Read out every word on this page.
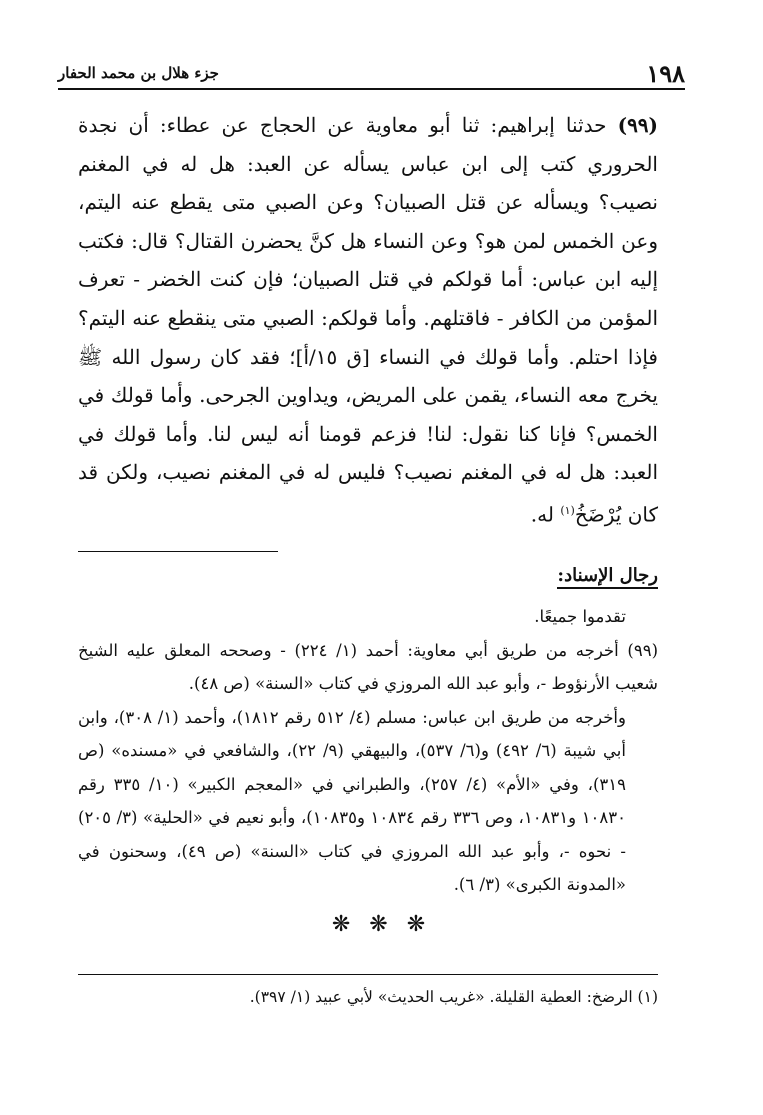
١٩٨
جزء هلال بن محمد الحفار

(٩٩) حدثنا إبراهيم: ثنا أبو معاوية عن الحجاج عن عطاء: أن نجدة الحروري كتب إلى ابن عباس يسأله عن العبد: هل له في المغنم نصيب؟ ويسأله عن قتل الصبيان؟ وعن الصبي متى يقطع عنه اليتم، وعن الخمس لمن هو؟ وعن النساء هل كنَّ يحضرن القتال؟ قال: فكتب إليه ابن عباس: أما قولكم في قتل الصبيان؛ فإن كنت الخضر - تعرف المؤمن من الكافر - فاقتلهم. وأما قولكم: الصبي متى ينقطع عنه اليتم؟ فإذا احتلم. وأما قولك في النساء [ق ١٥/أ]؛ فقد كان رسول الله ﷺ يخرج معه النساء، يقمن على المريض، ويداوين الجرحى. وأما قولك في الخمس؟ فإنا كنا نقول: لنا! فزعم قومنا أنه ليس لنا. وأما قولك في العبد: هل له في المغنم نصيب؟ فليس له في المغنم نصيب، ولكن قد كان يُرْضَخُ$^{(١)}$ له.

رجال الإسناد:

تقدموا جميعًا.

(٩٩) أخرجه من طريق أبي معاوية: أحمد (١/ ٢٢٤) - وصححه المعلق عليه الشيخ شعيب الأرنؤوط -، وأبو عبد الله المروزي في كتاب «السنة» (ص ٤٨).

وأخرجه من طريق ابن عباس: مسلم (٤/ ٥١٢ رقم ١٨١٢)، وأحمد (١/ ٣٠٨)، وابن أبي شيبة (٦/ ٤٩٢) و(٦/ ٥٣٧)، والبيهقي (٩/ ٢٢)، والشافعي في «مسنده» (ص ٣١٩)، وفي «الأم» (٤/ ٢٥٧)، والطبراني في «المعجم الكبير» (١٠/ ٣٣٥ رقم ١٠٨٣٠ و١٠٨٣١، وص ٣٣٦ رقم ١٠٨٣٤ و١٠٨٣٥)، وأبو نعيم في «الحلية» (٣/ ٢٠٥) - نحوه -، وأبو عبد الله المروزي في كتاب «السنة» (ص ٤٩)، وسحنون في «المدونة الكبرى» (٣/ ٦).

❋ ❋ ❋
(١) الرضخ: العطية القليلة. «غريب الحديث» لأبي عبيد (١/ ٣٩٧).
